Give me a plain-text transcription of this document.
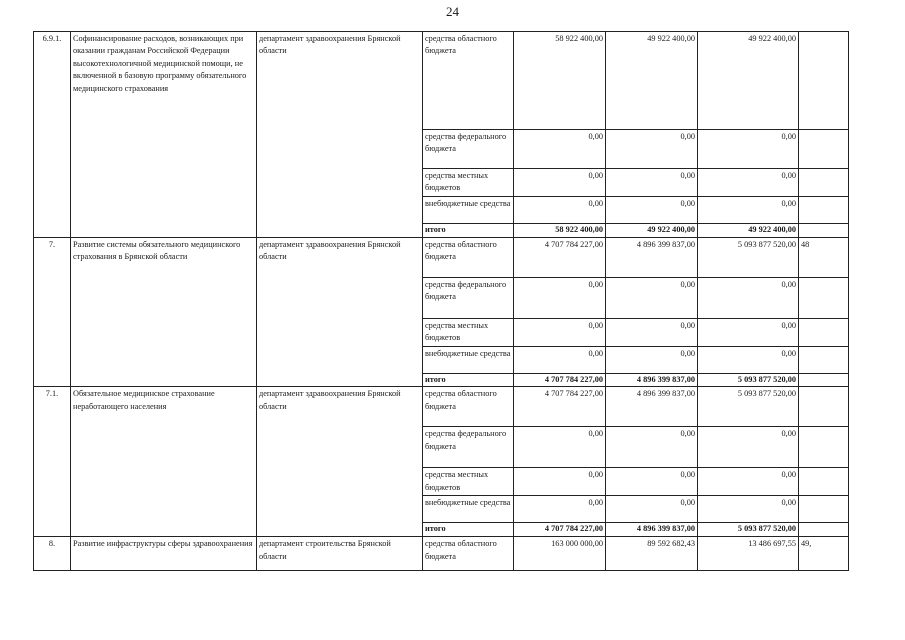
24
6.9.1.	Софинансирование расходов, возникающих при оказании гражданам Российской Федерации высокотехнологичной медицинской помощи, не включенной в базовую программу обязательного медицинского страхования	департамент здравоохранения Брянской области	средства областного бюджета	58 922 400,00	49 922 400,00	49 922 400,00	
			средства федерального бюджета	0,00	0,00	0,00	
			средства местных бюджетов	0,00	0,00	0,00	
			внебюджетные средства	0,00	0,00	0,00	
			итого	58 922 400,00	49 922 400,00	49 922 400,00	
7.	Развитие системы обязательного медицинского страхования в Брянской области	департамент здравоохранения Брянской области	средства областного бюджета	4 707 784 227,00	4 896 399 837,00	5 093 877 520,00	48
			средства федерального бюджета	0,00	0,00	0,00	
			средства местных бюджетов	0,00	0,00	0,00	
			внебюджетные средства	0,00	0,00	0,00	
			итого	4 707 784 227,00	4 896 399 837,00	5 093 877 520,00	
7.1.	Обязательное медицинское страхование неработающего населения	департамент здравоохранения Брянской области	средства областного бюджета	4 707 784 227,00	4 896 399 837,00	5 093 877 520,00	
			средства федерального бюджета	0,00	0,00	0,00	
			средства местных бюджетов	0,00	0,00	0,00	
			внебюджетные средства	0,00	0,00	0,00	
			итого	4 707 784 227,00	4 896 399 837,00	5 093 877 520,00	
8.	Развитие инфраструктуры сферы здравоохранения	департамент строительства Брянской области	средства областного бюджета	163 000 000,00	89 592 682,43	13 486 697,55	49,
